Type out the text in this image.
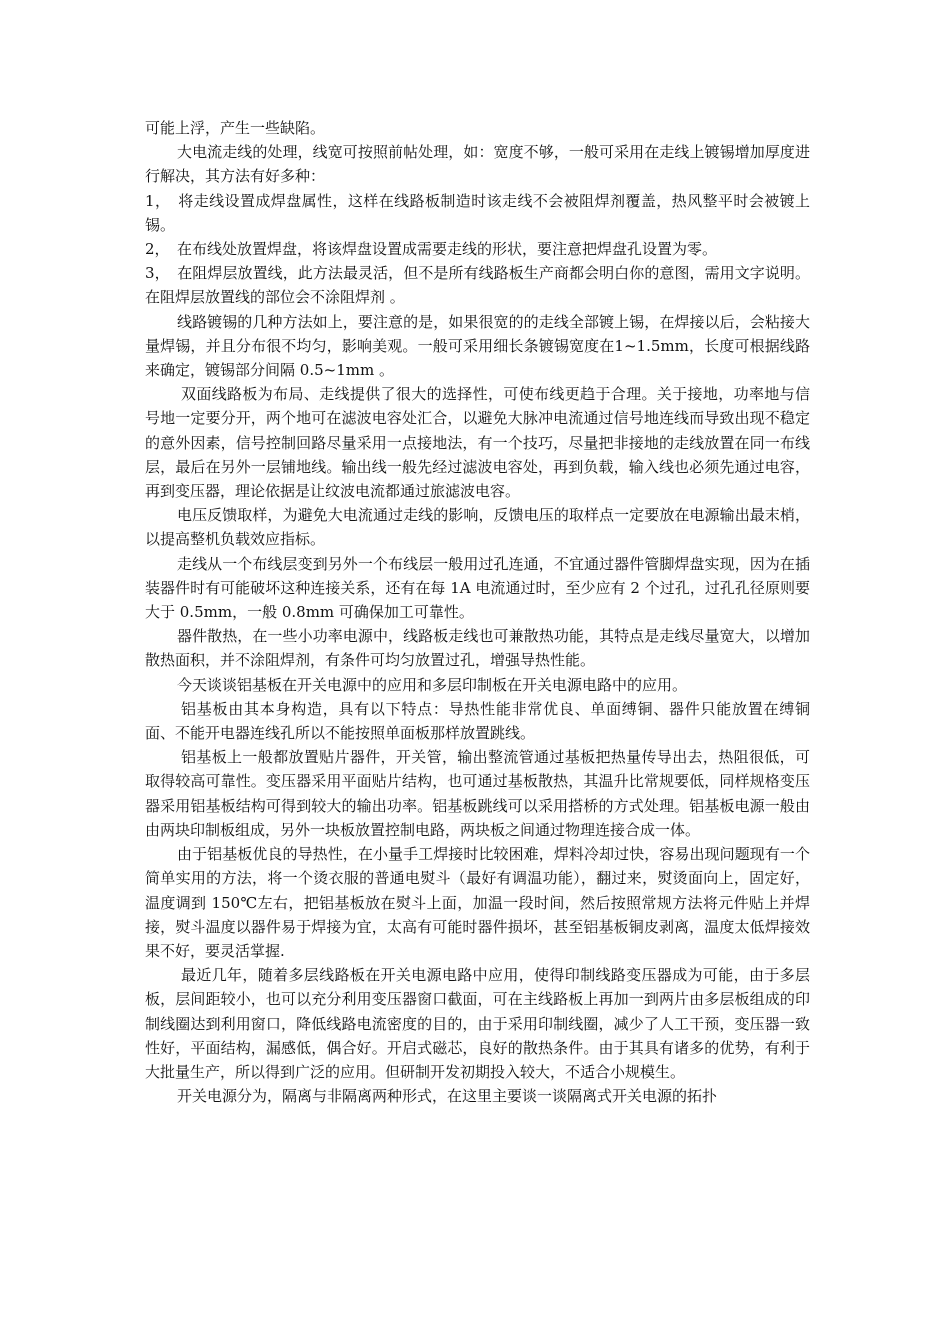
可能上浮，产生一些缺陷。

大电流走线的处理，线宽可按照前帖处理，如：宽度不够，一般可采用在走线上镀锡增加厚度进行解决，其方法有好多种：

1，　将走线设置成焊盘属性，这样在线路板制造时该走线不会被阻焊剂覆盖，热风整平时会被镀上锡。

2，　在布线处放置焊盘，将该焊盘设置成需要走线的形状，要注意把焊盘孔设置为零。

3，　在阻焊层放置线，此方法最灵活，但不是所有线路板生产商都会明白你的意图，需用文字说明。在阻焊层放置线的部位会不涂阻焊剂 。

线路镀锡的几种方法如上，要注意的是，如果很宽的的走线全部镀上锡，在焊接以后，会粘接大量焊锡，并且分布很不均匀，影响美观。一般可采用细长条镀锡宽度在1~1.5mm，长度可根据线路来确定，镀锡部分间隔 0.5~1mm 。

双面线路板为布局、走线提供了很大的选择性，可使布线更趋于合理。关于接地，功率地与信号地一定要分开，两个地可在滤波电容处汇合，以避免大脉冲电流通过信号地连线而导致出现不稳定的意外因素，信号控制回路尽量采用一点接地法，有一个技巧，尽量把非接地的走线放置在同一布线层，最后在另外一层铺地线。输出线一般先经过滤波电容处，再到负载，输入线也必须先通过电容，再到变压器，理论依据是让纹波电流都通过旅滤波电容。

电压反馈取样，为避免大电流通过走线的影响，反馈电压的取样点一定要放在电源输出最末梢，以提高整机负载效应指标。

走线从一个布线层变到另外一个布线层一般用过孔连通，不宜通过器件管脚焊盘实现，因为在插装器件时有可能破坏这种连接关系，还有在每 1A 电流通过时，至少应有 2 个过孔，过孔孔径原则要大于 0.5mm，一般 0.8mm 可确保加工可靠性。

器件散热，在一些小功率电源中，线路板走线也可兼散热功能，其特点是走线尽量宽大，以增加散热面积，并不涂阻焊剂，有条件可均匀放置过孔，增强导热性能。

今天谈谈铝基板在开关电源中的应用和多层印制板在开关电源电路中的应用。

铝基板由其本身构造，具有以下特点：导热性能非常优良、单面缚铜、器件只能放置在缚铜面、不能开电器连线孔所以不能按照单面板那样放置跳线。

铝基板上一般都放置贴片器件，开关管，输出整流管通过基板把热量传导出去，热阻很低，可取得较高可靠性。变压器采用平面贴片结构，也可通过基板散热，其温升比常规要低，同样规格变压器采用铝基板结构可得到较大的输出功率。铝基板跳线可以采用搭桥的方式处理。铝基板电源一般由由两块印制板组成，另外一块板放置控制电路，两块板之间通过物理连接合成一体。

由于铝基板优良的导热性，在小量手工焊接时比较困难，焊料冷却过快，容易出现问题现有一个简单实用的方法，将一个烫衣服的普通电熨斗（最好有调温功能），翻过来，熨烫面向上，固定好，温度调到 150℃左右，把铝基板放在熨斗上面，加温一段时间，然后按照常规方法将元件贴上并焊接，熨斗温度以器件易于焊接为宜，太高有可能时器件损坏，甚至铝基板铜皮剥离，温度太低焊接效果不好，要灵活掌握.

最近几年，随着多层线路板在开关电源电路中应用，使得印制线路变压器成为可能，由于多层板，层间距较小，也可以充分利用变压器窗口截面，可在主线路板上再加一到两片由多层板组成的印制线圈达到利用窗口，降低线路电流密度的目的，由于采用印制线圈，减少了人工干预，变压器一致性好，平面结构，漏感低，偶合好。开启式磁芯，良好的散热条件。由于其具有诸多的优势，有利于大批量生产，所以得到广泛的应用。但研制开发初期投入较大，不适合小规模生。

开关电源分为，隔离与非隔离两种形式，在这里主要谈一谈隔离式开关电源的拓扑
